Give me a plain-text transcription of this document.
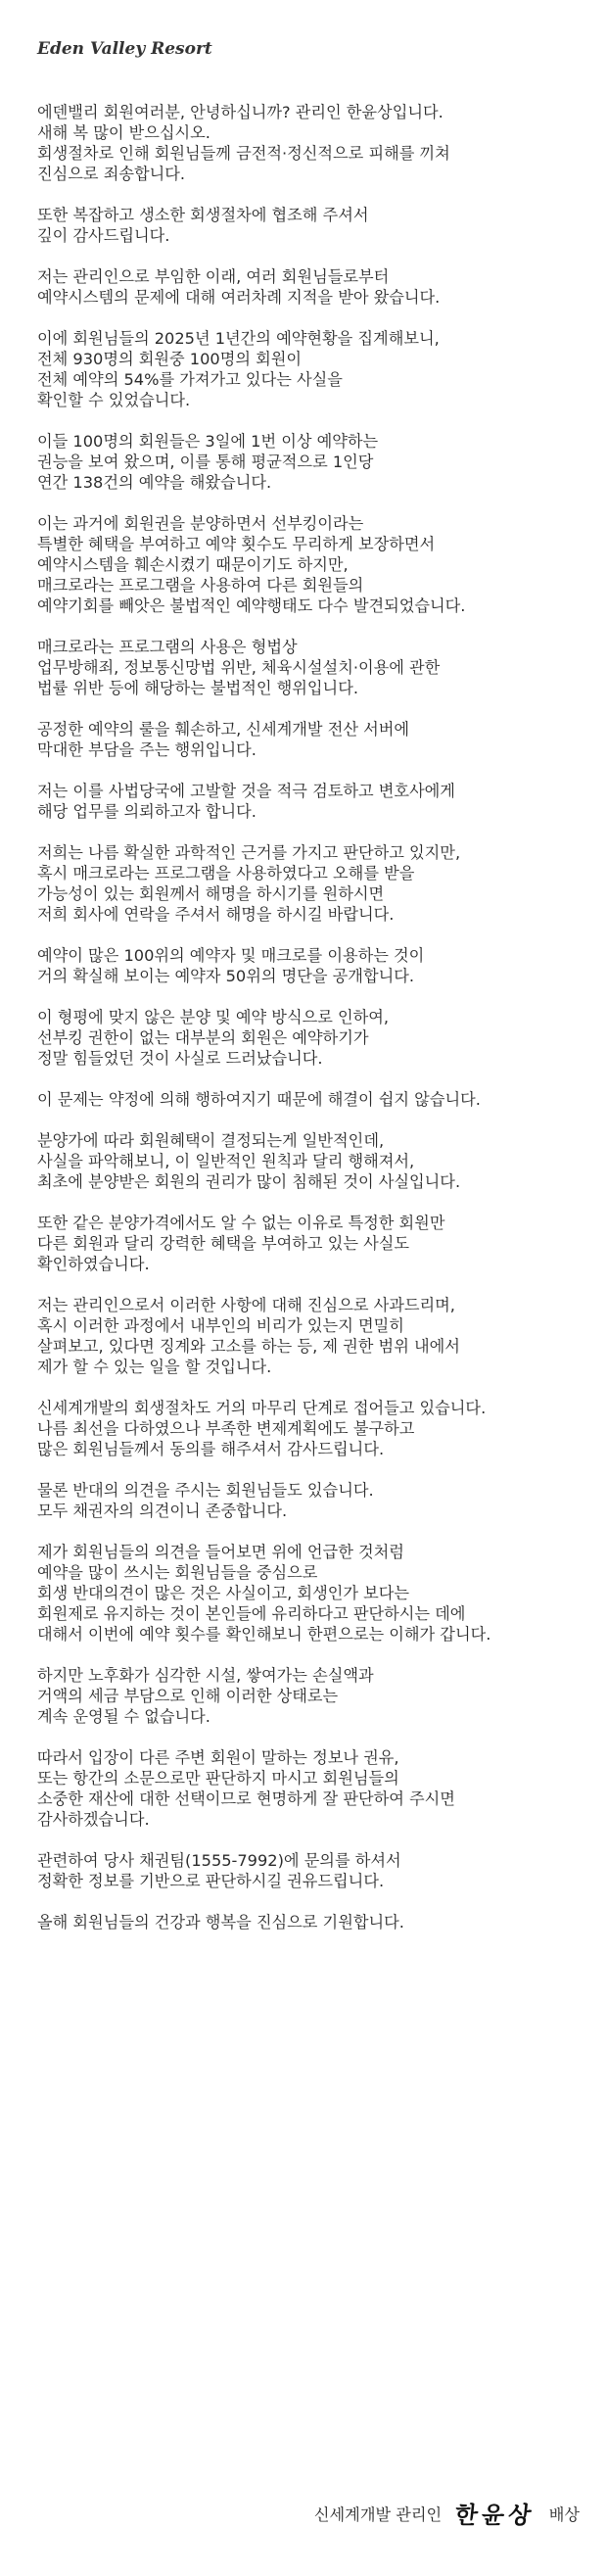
Eden Valley Resort
에덴밸리 회원여러분, 안녕하십니까? 관리인 한윤상입니다.
새해 복 많이 받으십시오.
회생절차로 인해 회원님들께 금전적·정신적으로 피해를 끼쳐
진심으로 죄송합니다.
또한 복잡하고 생소한 회생절차에 협조해 주셔서
깊이 감사드립니다.
저는 관리인으로 부임한 이래, 여러 회원님들로부터
예약시스템의 문제에 대해 여러차례 지적을 받아 왔습니다.
이에 회원님들의 2025년 1년간의 예약현황을 집계해보니,
전체 930명의 회원중 100명의 회원이
전체 예약의 54%를 가져가고 있다는 사실을
확인할 수 있었습니다.
이들 100명의 회원들은 3일에 1번 이상 예약하는
권능을 보여 왔으며, 이를 통해 평균적으로 1인당
연간 138건의 예약을 해왔습니다.
이는 과거에 회원권을 분양하면서 선부킹이라는
특별한 혜택을 부여하고 예약 횟수도 무리하게 보장하면서
예약시스템을 훼손시켰기 때문이기도 하지만,
매크로라는 프로그램을 사용하여 다른 회원들의
예약기회를 빼앗은 불법적인 예약행태도 다수 발견되었습니다.
매크로라는 프로그램의 사용은 형법상
업무방해죄, 정보통신망법 위반, 체육시설설치·이용에 관한
법률 위반 등에 해당하는 불법적인 행위입니다.
공정한 예약의 룰을 훼손하고, 신세계개발 전산 서버에
막대한 부담을 주는 행위입니다.
저는 이를 사법당국에 고발할 것을 적극 검토하고 변호사에게
해당 업무를 의뢰하고자 합니다.
저희는 나름 확실한 과학적인 근거를 가지고 판단하고 있지만,
혹시 매크로라는 프로그램을 사용하였다고 오해를 받을
가능성이 있는 회원께서 해명을 하시기를 원하시면
저희 회사에 연락을 주셔서 해명을 하시길 바랍니다.
예약이 많은 100위의 예약자 및 매크로를 이용하는 것이
거의 확실해 보이는 예약자 50위의 명단을 공개합니다.
이 형평에 맞지 않은 분양 및 예약 방식으로 인하여,
선부킹 권한이 없는 대부분의 회원은 예약하기가
정말 힘들었던 것이 사실로 드러났습니다.
이 문제는 약정에 의해 행하여지기 때문에 해결이 쉽지 않습니다.
분양가에 따라 회원혜택이 결정되는게 일반적인데,
사실을 파악해보니, 이 일반적인 원칙과 달리 행해져서,
최초에 분양받은 회원의 권리가 많이 침해된 것이 사실입니다.
또한 같은 분양가격에서도 알 수 없는 이유로 특정한 회원만
다른 회원과 달리 강력한 혜택을 부여하고 있는 사실도
확인하였습니다.
저는 관리인으로서 이러한 사항에 대해 진심으로 사과드리며,
혹시 이러한 과정에서 내부인의 비리가 있는지 면밀히
살펴보고, 있다면 징계와 고소를 하는 등, 제 권한 범위 내에서
제가 할 수 있는 일을 할 것입니다.
신세계개발의 회생절차도 거의 마무리 단계로 접어들고 있습니다.
나름 최선을 다하였으나 부족한 변제계획에도 불구하고
많은 회원님들께서 동의를 해주셔서 감사드립니다.
물론 반대의 의견을 주시는 회원님들도 있습니다.
모두 채권자의 의견이니 존중합니다.
제가 회원님들의 의견을 들어보면 위에 언급한 것처럼
예약을 많이 쓰시는 회원님들을 중심으로
회생 반대의견이 많은 것은 사실이고, 회생인가 보다는
회원제로 유지하는 것이 본인들에 유리하다고 판단하시는 데에
대해서 이번에 예약 횟수를 확인해보니 한편으로는 이해가 갑니다.
하지만 노후화가 심각한 시설, 쌓여가는 손실액과
거액의 세금 부담으로 인해 이러한 상태로는
계속 운영될 수 없습니다.
따라서 입장이 다른 주변 회원이 말하는 정보나 권유,
또는 항간의 소문으로만 판단하지 마시고 회원님들의
소중한 재산에 대한 선택이므로 현명하게 잘 판단하여 주시면
감사하겠습니다.
관련하여 당사 채권팀(1555-7992)에 문의를 하셔서
정확한 정보를 기반으로 판단하시길 권유드립니다.
올해 회원님들의 건강과 행복을 진심으로 기원합니다.
신세계개발 관리인 한윤상 배상
